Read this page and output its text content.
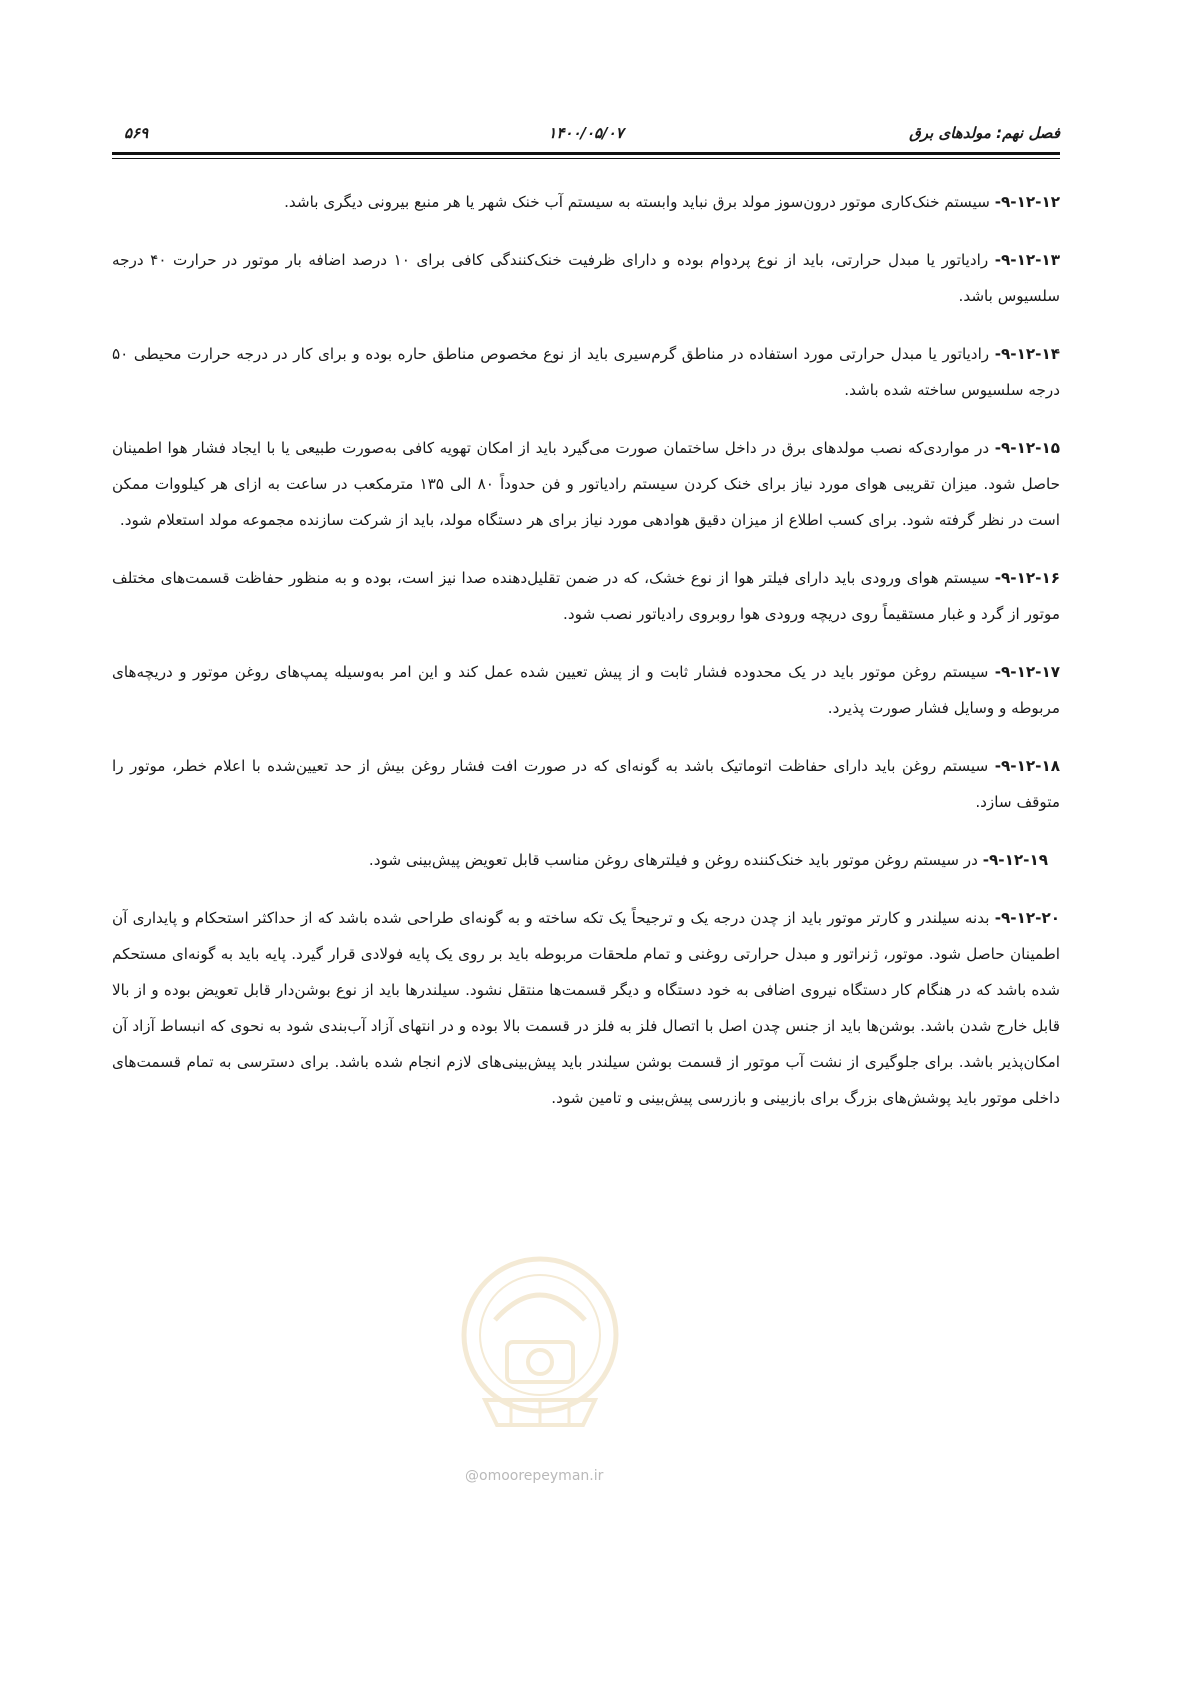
فصل نهم: مولدهای برق
۱۴۰۰/۰۵/۰۷
۵۶۹

۹-۱۲-۱۲- سیستم خنک‌کاری موتور درون‌سوز مولد برق نباید وابسته به سیستم آب خنک شهر یا هر منبع بیرونی دیگری باشد.

۹-۱۲-۱۳- رادیاتور یا مبدل حرارتی، باید از نوع پردوام بوده و دارای ظرفیت خنک‌کنندگی کافی برای ۱۰ درصد اضافه بار موتور در حرارت ۴۰ درجه سلسیوس باشد.

۹-۱۲-۱۴- رادیاتور یا مبدل حرارتی مورد استفاده در مناطق گرم‌سیری باید از نوع مخصوص مناطق حاره بوده و برای کار در درجه حرارت محیطی ۵۰ درجه سلسیوس ساخته شده باشد.

۹-۱۲-۱۵- در مواردی‌که نصب مولدهای برق در داخل ساختمان صورت می‌گیرد باید از امکان تهویه کافی به‌صورت طبیعی یا با ایجاد فشار هوا اطمینان حاصل شود. میزان تقریبی هوای مورد نیاز برای خنک کردن سیستم رادیاتور و فن حدوداً ۸۰ الی ۱۳۵ مترمکعب در ساعت به ازای هر کیلووات ممکن است در نظر گرفته شود. برای کسب اطلاع از میزان دقیق هوادهی مورد نیاز برای هر دستگاه مولد، باید از شرکت سازنده مجموعه مولد استعلام شود.

۹-۱۲-۱۶- سیستم هوای ورودی باید دارای فیلتر هوا از نوع خشک، که در ضمن تقلیل‌دهنده صدا نیز است، بوده و به منظور حفاظت قسمت‌های مختلف موتور از گرد و غبار مستقیماً روی دریچه ورودی هوا روبروی رادیاتور نصب شود.

۹-۱۲-۱۷- سیستم روغن موتور باید در یک محدوده فشار ثابت و از پیش تعیین شده عمل کند و این امر به‌وسیله پمپ‌های روغن موتور و دریچه‌های مربوطه و وسایل فشار صورت پذیرد.

۹-۱۲-۱۸- سیستم روغن باید دارای حفاظت اتوماتیک باشد به گونه‌ای که در صورت افت فشار روغن بیش از حد تعیین‌شده با اعلام خطر، موتور را متوقف سازد.

۹-۱۲-۱۹- در سیستم روغن موتور باید خنک‌کننده روغن و فیلترهای روغن مناسب قابل تعویض پیش‌بینی شود.

۹-۱۲-۲۰- بدنه سیلندر و کارتر موتور باید از چدن درجه یک و ترجیحاً یک تکه ساخته و به گونه‌ای طراحی شده باشد که از حداکثر استحکام و پایداری آن اطمینان حاصل شود. موتور، ژنراتور و مبدل حرارتی روغنی و تمام ملحقات مربوطه باید بر روی یک پایه فولادی قرار گیرد. پایه باید به گونه‌ای مستحکم شده باشد که در هنگام کار دستگاه نیروی اضافی به خود دستگاه و دیگر قسمت‌ها منتقل نشود. سیلندرها باید از نوع بوشن‌دار قابل تعویض بوده و از بالا قابل خارج شدن باشد. بوشن‌ها باید از جنس چدن اصل با اتصال فلز به فلز در قسمت بالا بوده و در انتهای آزاد آب‌بندی شود به نحوی که انبساط آزاد آن امکان‌پذیر باشد. برای جلوگیری از نشت آب موتور از قسمت بوشن سیلندر باید پیش‌بینی‌های لازم انجام شده باشد. برای دسترسی به تمام قسمت‌های داخلی موتور باید پوشش‌های بزرگ برای بازبینی و بازرسی پیش‌بینی و تامین شود.

@omoorepeyman.ir
